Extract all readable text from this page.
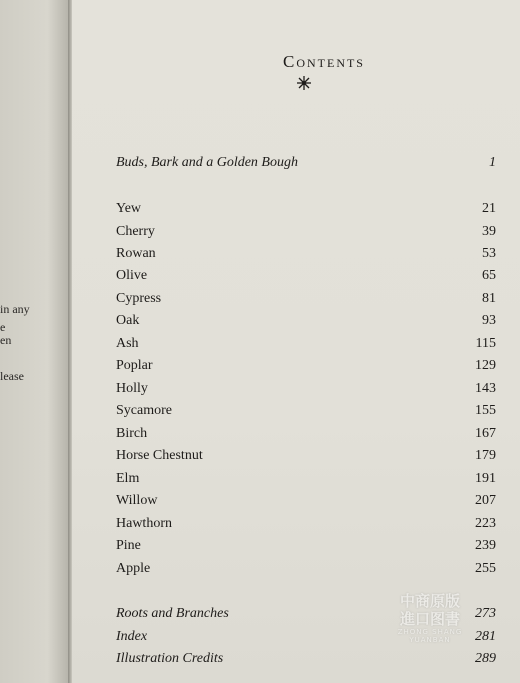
in any
e
en
lease
Contents
Buds, Bark and a Golden Bough	1
Yew	21
Cherry	39
Rowan	53
Olive	65
Cypress	81
Oak	93
Ash	115
Poplar	129
Holly	143
Sycamore	155
Birch	167
Horse Chestnut	179
Elm	191
Willow	207
Hawthorn	223
Pine	239
Apple	255
Roots and Branches	273
Index	281
Illustration Credits	289
中商原版
進口图書
ZHONG SHANG YUANBAN
